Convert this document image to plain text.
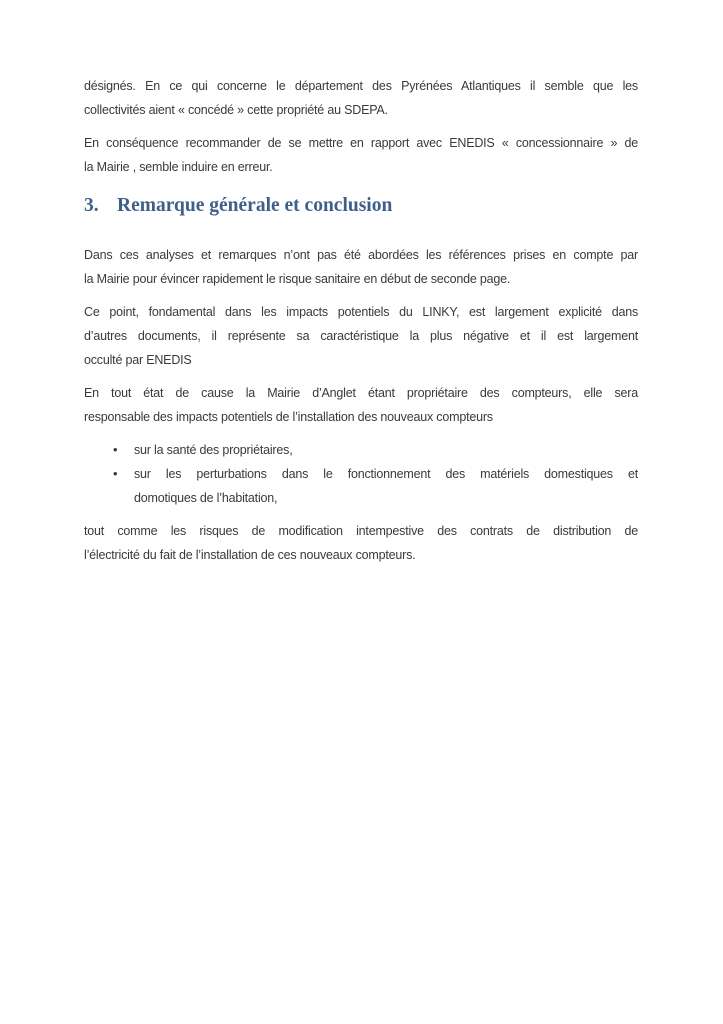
désignés. En ce qui concerne le département des Pyrénées Atlantiques il semble que les
collectivités aient « concédé » cette propriété au SDEPA.

En conséquence recommander de se mettre en rapport avec ENEDIS « concessionnaire » de
la Mairie , semble induire en erreur.

3. Remarque générale et conclusion

Dans ces analyses et remarques n’ont pas été abordées les références prises en compte par
la Mairie pour évincer rapidement le risque sanitaire en début de seconde page.

Ce point, fondamental dans les impacts potentiels du LINKY, est largement explicité dans
d’autres documents, il représente sa caractéristique la plus négative et il est largement
occulté par ENEDIS

En tout état de cause la Mairie d’Anglet étant propriétaire des compteurs, elle sera
responsable des impacts potentiels de l’installation des nouveaux compteurs

• sur la santé des propriétaires,
• sur les perturbations dans le fonctionnement des matériels domestiques et
domotiques de l’habitation,

tout comme les risques de modification intempestive des contrats de distribution de
l’électricité du fait de l’installation de ces nouveaux compteurs.
